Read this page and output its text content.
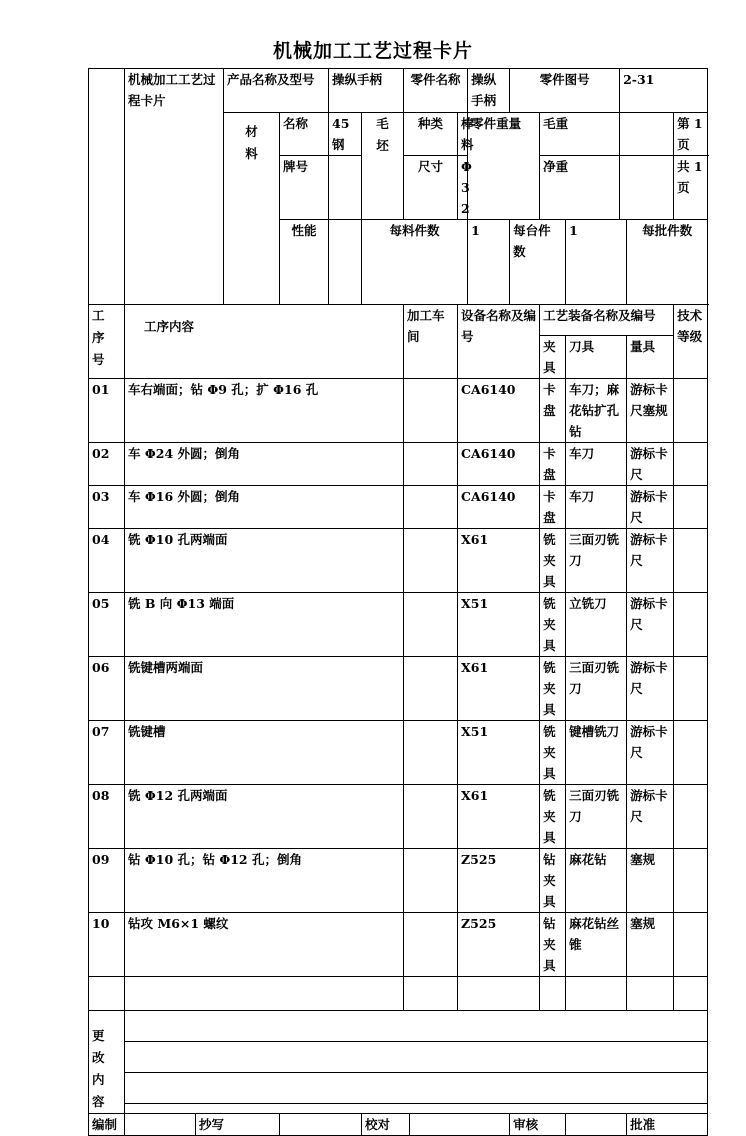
机械加工工艺过程卡片
	机械加工工艺过程卡片		产品名称及型号		操纵手柄		零件名称			操纵手柄	零件图号			2-31			

			材料	名称	45钢	毛坯	种类		棒料	零件重量		毛重				第 1 页	
				牌号			尺寸		Φ32			净重				共 1 页	
				性能		每料件数				1	每台件数		1		每批件数	

工序号	工序内容						加工车间		设备名称及编号			工艺装备名称及编号				技术等级	
												夹具	刀具		量具		
01	车右端面；钻 Φ9 孔；扩 Φ16 孔								CA6140			卡盘	车刀；麻花钻扩孔钻		游标卡尺塞规		
02	车 Φ24 外圆；倒角								CA6140			卡盘	车刀		游标卡尺		
03	车 Φ16 外圆；倒角								CA6140			卡盘	车刀		游标卡尺		
04	铣 Φ10 孔两端面								X61			铣 夹具	三面刃铣刀		游标卡尺		
05	铣 B 向 Φ13 端面								X51			铣 夹具	立铣刀		游标卡尺		
06	铣键槽两端面								X61			铣 夹具	三面刃铣刀		游标卡尺		
07	铣键槽								X51			铣 夹具	键槽铣刀		游标卡尺		
08	铣 Φ12 孔两端面								X61			铣 夹具	三面刃铣刀		游标卡尺		
09	钻 Φ10 孔；钻 Φ12 孔；倒角								Z525			钻 夹具	麻花钻		塞规		
10	钻攻 M6×1 螺纹								Z525			钻 夹具	麻花钻丝锥		塞规		

更改内容																	

编制		抄写				校对					审核				批准		
